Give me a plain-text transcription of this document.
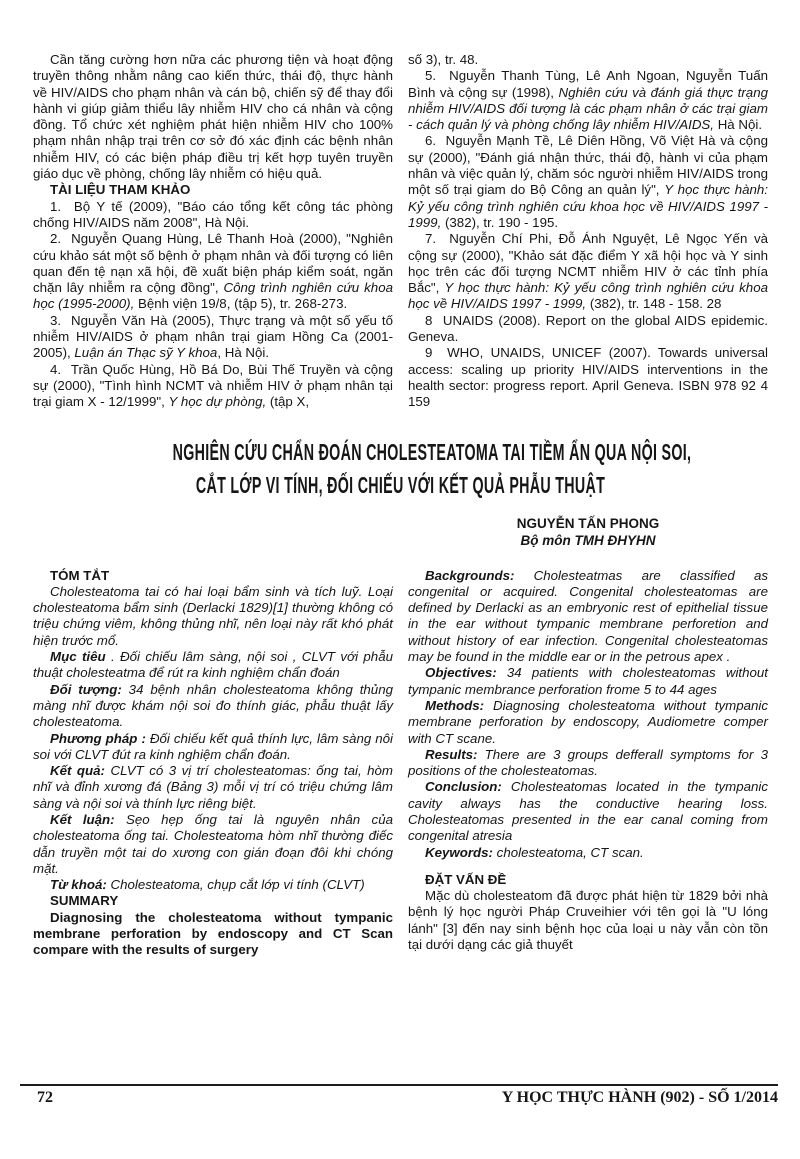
Cần tăng cường hơn nữa các phương tiện và hoạt động truyền thông nhằm nâng cao kiến thức, thái độ, thực hành về HIV/AIDS cho phạm nhân và cán bộ, chiến sỹ để thay đổi hành vi giúp giảm thiểu lây nhiễm HIV cho cá nhân và cộng đồng. Tổ chức xét nghiệm phát hiện nhiễm HIV cho 100% phạm nhân nhập trại trên cơ sở đó xác định các bệnh nhân nhiễm HIV, có các biện pháp điều trị kết hợp tuyên truyền giáo dục về phòng, chống lây nhiễm có hiệu quả.

TÀI LIỆU THAM KHẢO

1.  Bộ Y tế (2009), "Báo cáo tổng kết công tác phòng chống HIV/AIDS năm 2008", Hà Nội.

2.  Nguyễn Quang Hùng, Lê Thanh Hoà (2000), "Nghiên cứu khảo sát một số bệnh ở phạm nhân và đối tượng có liên quan đến tệ nạn xã hội, đề xuất biện pháp kiểm soát, ngăn chặn lây nhiễm ra cộng đồng", Công trình nghiên cứu khoa học (1995-2000), Bệnh viện 19/8, (tập 5), tr. 268-273.

3.  Nguyễn Văn Hà (2005), Thực trạng và một số yếu tố nhiễm HIV/AIDS ở phạm nhân trại giam Hồng Ca (2001-2005), Luận án Thạc sỹ Y khoa, Hà Nội.

4.  Trần Quốc Hùng, Hồ Bá Do, Bùi Thế Truyền và cộng sự (2000), "Tình hình NCMT và nhiễm HIV ở phạm nhân tại trại giam X - 12/1999", Y học dự phòng, (tập X,

số 3), tr. 48.

5.  Nguyễn Thanh Tùng, Lê Anh Ngoan, Nguyễn Tuấn Bình và cộng sự (1998), Nghiên cứu và đánh giá thực trạng nhiễm HIV/AIDS đối tượng là các phạm nhân ở các trại giam - cách quản lý và phòng chống lây nhiễm HIV/AIDS, Hà Nội.

6.  Nguyễn Mạnh Tề, Lê Diên Hồng, Võ Việt Hà và cộng sự (2000), "Đánh giá nhận thức, thái độ, hành vi của phạm nhân và việc quản lý, chăm sóc người nhiễm HIV/AIDS trong một số trại giam do Bộ Công an quản lý", Y học thực hành: Kỷ yếu công trình nghiên cứu khoa học về HIV/AIDS 1997 - 1999, (382), tr. 190 - 195.

7.  Nguyễn Chí Phi, Đỗ Ánh Nguyệt, Lê Ngọc Yến và cộng sự (2000), "Khảo sát đặc điểm Y xã hội học và Y sinh học trên các đối tượng NCMT nhiễm HIV ở các tỉnh phía Bắc", Y học thực hành: Kỷ yếu công trình nghiên cứu khoa học về HIV/AIDS 1997 - 1999, (382), tr. 148 - 158. 28

8  UNAIDS (2008). Report on the global AIDS epidemic. Geneva.

9  WHO, UNAIDS, UNICEF (2007). Towards universal access: scaling up priority HIV/AIDS interventions in the health sector: progress report. April Geneva. ISBN 978 92 4 159

NGHIÊN CỨU CHẨN ĐOÁN CHOLESTEATOMA TAI TIỀM ẨN QUA NỘI SOI,
CẮT LỚP VI TÍNH, ĐỐI CHIẾU VỚI KẾT QUẢ PHẪU THUẬT
NGUYỄN TẤN PHONG
Bộ môn TMH ĐHYHN

TÓM TẮT

Cholesteatoma tai có hai loại bẩm sinh và tích luỹ. Loại cholesteatoma bẩm sinh (Derlacki 1829)[1] thường không có triệu chứng viêm, không thủng nhĩ, nên loại này rất khó phát hiện trước mổ.

Mục tiêu . Đối chiếu lâm sàng, nội soi , CLVT với phẫu thuật cholesteatma để rút ra kinh nghiệm chẩn đoán

Đối tượng: 34 bệnh nhân cholesteatoma không thủng màng nhĩ được khám nội soi đo thính giác, phẫu thuật lấy cholesteatoma.

Phương pháp : Đối chiếu kết quả thính lực, lâm sàng nôi soi với CLVT đút ra kinh nghiệm chẩn đoán.

Kết quả: CLVT có 3 vị trí cholesteatomas: ống tai, hòm nhĩ và đỉnh xương đá (Bảng 3) mỗi vị trí có triệu chứng lâm sàng và nội soi và thính lực riêng biệt.

Kết luận: Sẹo hẹp ống tai là nguyên nhân của cholesteatoma ống tai. Cholesteatoma hòm nhĩ thường điếc dẫn truyền một tai do xương con gián đoạn đôi khi chóng mặt.

Từ khoá: Cholesteatoma, chụp cắt lớp vi tính (CLVT)

SUMMARY

Diagnosing the cholesteatoma without tympanic membrane perforation by endoscopy and CT Scan compare with the results of surgery

Backgrounds: Cholesteatmas are classified as congenital or acquired. Congenital cholesteatomas are defined by Derlacki as an embryonic rest of epithelial tissue in the ear without tympanic membrane perforetion and without history of ear infection. Congenital cholesteatomas may be found in the middle ear or in the petrous apex .

Objectives: 34 patients with cholesteatomas without tympanic membrance perforation frome 5 to 44 ages

Methods: Diagnosing cholesteatoma without tympanic membrane perforation by endoscopy, Audiometre comper with CT scane.

Results: There are 3 groups defferall symptoms for 3 positions of the cholesteatomas.

Conclusion: Cholesteatomas located in the tympanic cavity always has the conductive hearing loss. Cholesteatomas presented in the ear canal coming from congenital atresia

Keywords: cholesteatoma, CT scan.

ĐẶT VẤN ĐỀ

Mặc dù cholesteatom đã được phát hiện từ 1829 bởi nhà bệnh lý học người Pháp Cruveihier với tên gọi là "U lóng lánh" [3] đến nay sinh bệnh học của loại u này vẫn còn tồn tại dưới dạng các giả thuyết

72	Y HỌC THỰC HÀNH (902) - SỐ 1/2014
